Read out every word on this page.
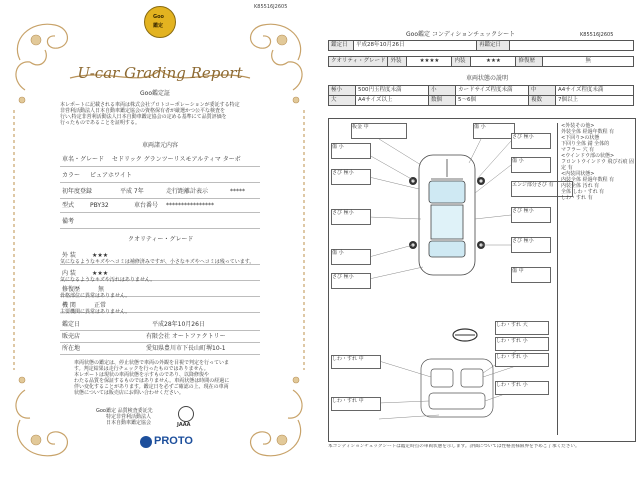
K85516J2605
Goo
鑑定
U-car Grading Report
Goo鑑定証
本レポートに記載される車両は株式会社プロトコーポレーションが委託する特定
非営利活動法人日本自動車鑑定協会の資格保有者が厳選かつ公平な検査を
行い,特定非営利活動法人日本自動車鑑定協会の定める基準にて品質評価を
行ったものであることを証明する。
車両諸元内容
車名・グレード セドリック グランツーリスモアルティマ ターボ
カラー ピュアホワイト
初年度登録	平成 7年	走行距離計表示	*****
型式	PBY32	車台番号 ****************
備考
クオリティー・グレード
外 装	★★★
気になるようなキズやヘコミは補修済みですが、小さなキズやヘコミは残っています。
内 装	★★★
気になるようなキズや汚れはありません。
修復歴	無
骨格部位に異常はありません。
機 関	正常
主要機関に異常はありません。
鑑定日	平成28年10月26日
販売店	有限会社 オートファクトリー
所在地	愛知県豊川市下長山町堺10-1
車両状態の鑑定は、停止状態で車両の外観を目視で判定を行っていま
す。判定結果は走行チェックを行ったものではありません。
本レポートは現状の車両状態を示すものであり、以降修復や
わたる品質を保証するものではありません。車両状態は時間の経過に
伴い変化することがあります。鑑定日を必ずご確認の上、現在の車両
状態については販売店にお問い合わせください。
Goo鑑定 品質検査委託先
特定非営利活動法人
日本自動車鑑定協会	JAAA
PROTO
Goo鑑定 コンディションチェックシート	K85516J2605
鑑定日	平成28年10月26日	再鑑定日	
クオリティ・グレード	外装	★★★★	内装	★★★	修復歴	無
車両状態の説明
極小	500円玉程度未満	小	カードサイズ程度未満	中	A4サイズ程度未満
大	A4サイズ以上	数個	5～6個	複数	7個以上
板金 中	傷 小
傷 小
さび 極小
さび 極小
傷 小
さび 極小	さび 極小
傷 小
さび 極小
さび 極小
エンジ部分さび 有
傷 中
しわ・すれ 大
しわ・すれ 小
しわ・すれ 小
しわ・すれ 中
しわ・すれ 小
しわ・すれ 中
<外装その他>
外装全体 経過年数程 有
<下回り>の状態
下回り全体 錆 全体的
マフラー 穴 有
<ウインドウ部の状態>
フロントウインドウ 飛び石痕 固
定 有
<内装同状態>
内装全体 経過年数程 有
内装全体 汚れ 有
全体 しわ・すれ 有
しわ・すれ 有
本コンディションチェックシートは鑑定時点の車両状態を示します。評価については性格査様限界を予めご了承ください。
